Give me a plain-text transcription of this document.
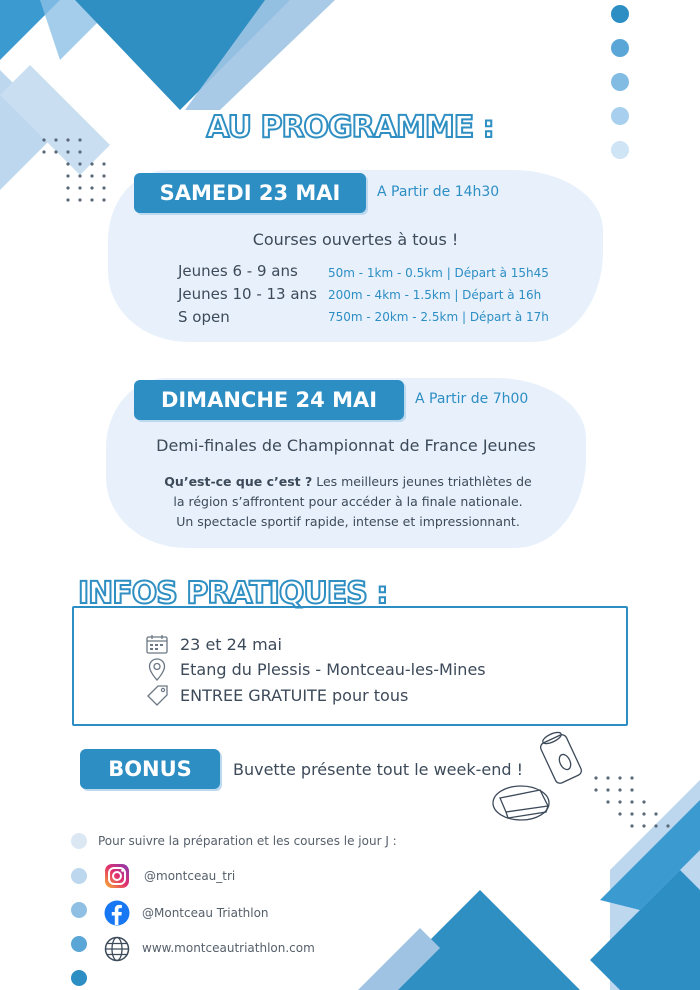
AU PROGRAMME :
SAMEDI 23 MAI	A Partir de 14h30
Courses ouvertes à tous !
Jeunes 6 - 9 ans	50m - 1km - 0.5km | Départ à 15h45
Jeunes 10 - 13 ans 200m - 4km - 1.5km | Départ à 16h
S open	750m - 20km - 2.5km | Départ à 17h
DIMANCHE 24 MAI	A Partir de 7h00
Demi-finales de Championnat de France Jeunes
Qu’est-ce que c’est ? Les meilleurs jeunes triathlètes de
la région s’affrontent pour accéder à la finale nationale.
Un spectacle sportif rapide, intense et impressionnant.
INFOS PRATIQUES :
23 et 24 mai
Etang du Plessis - Montceau-les-Mines
ENTREE GRATUITE pour tous
BONUS	Buvette présente tout le week-end !
Pour suivre la préparation et les courses le jour J :
@montceau_tri
@Montceau Triathlon
www.montceautriathlon.com
